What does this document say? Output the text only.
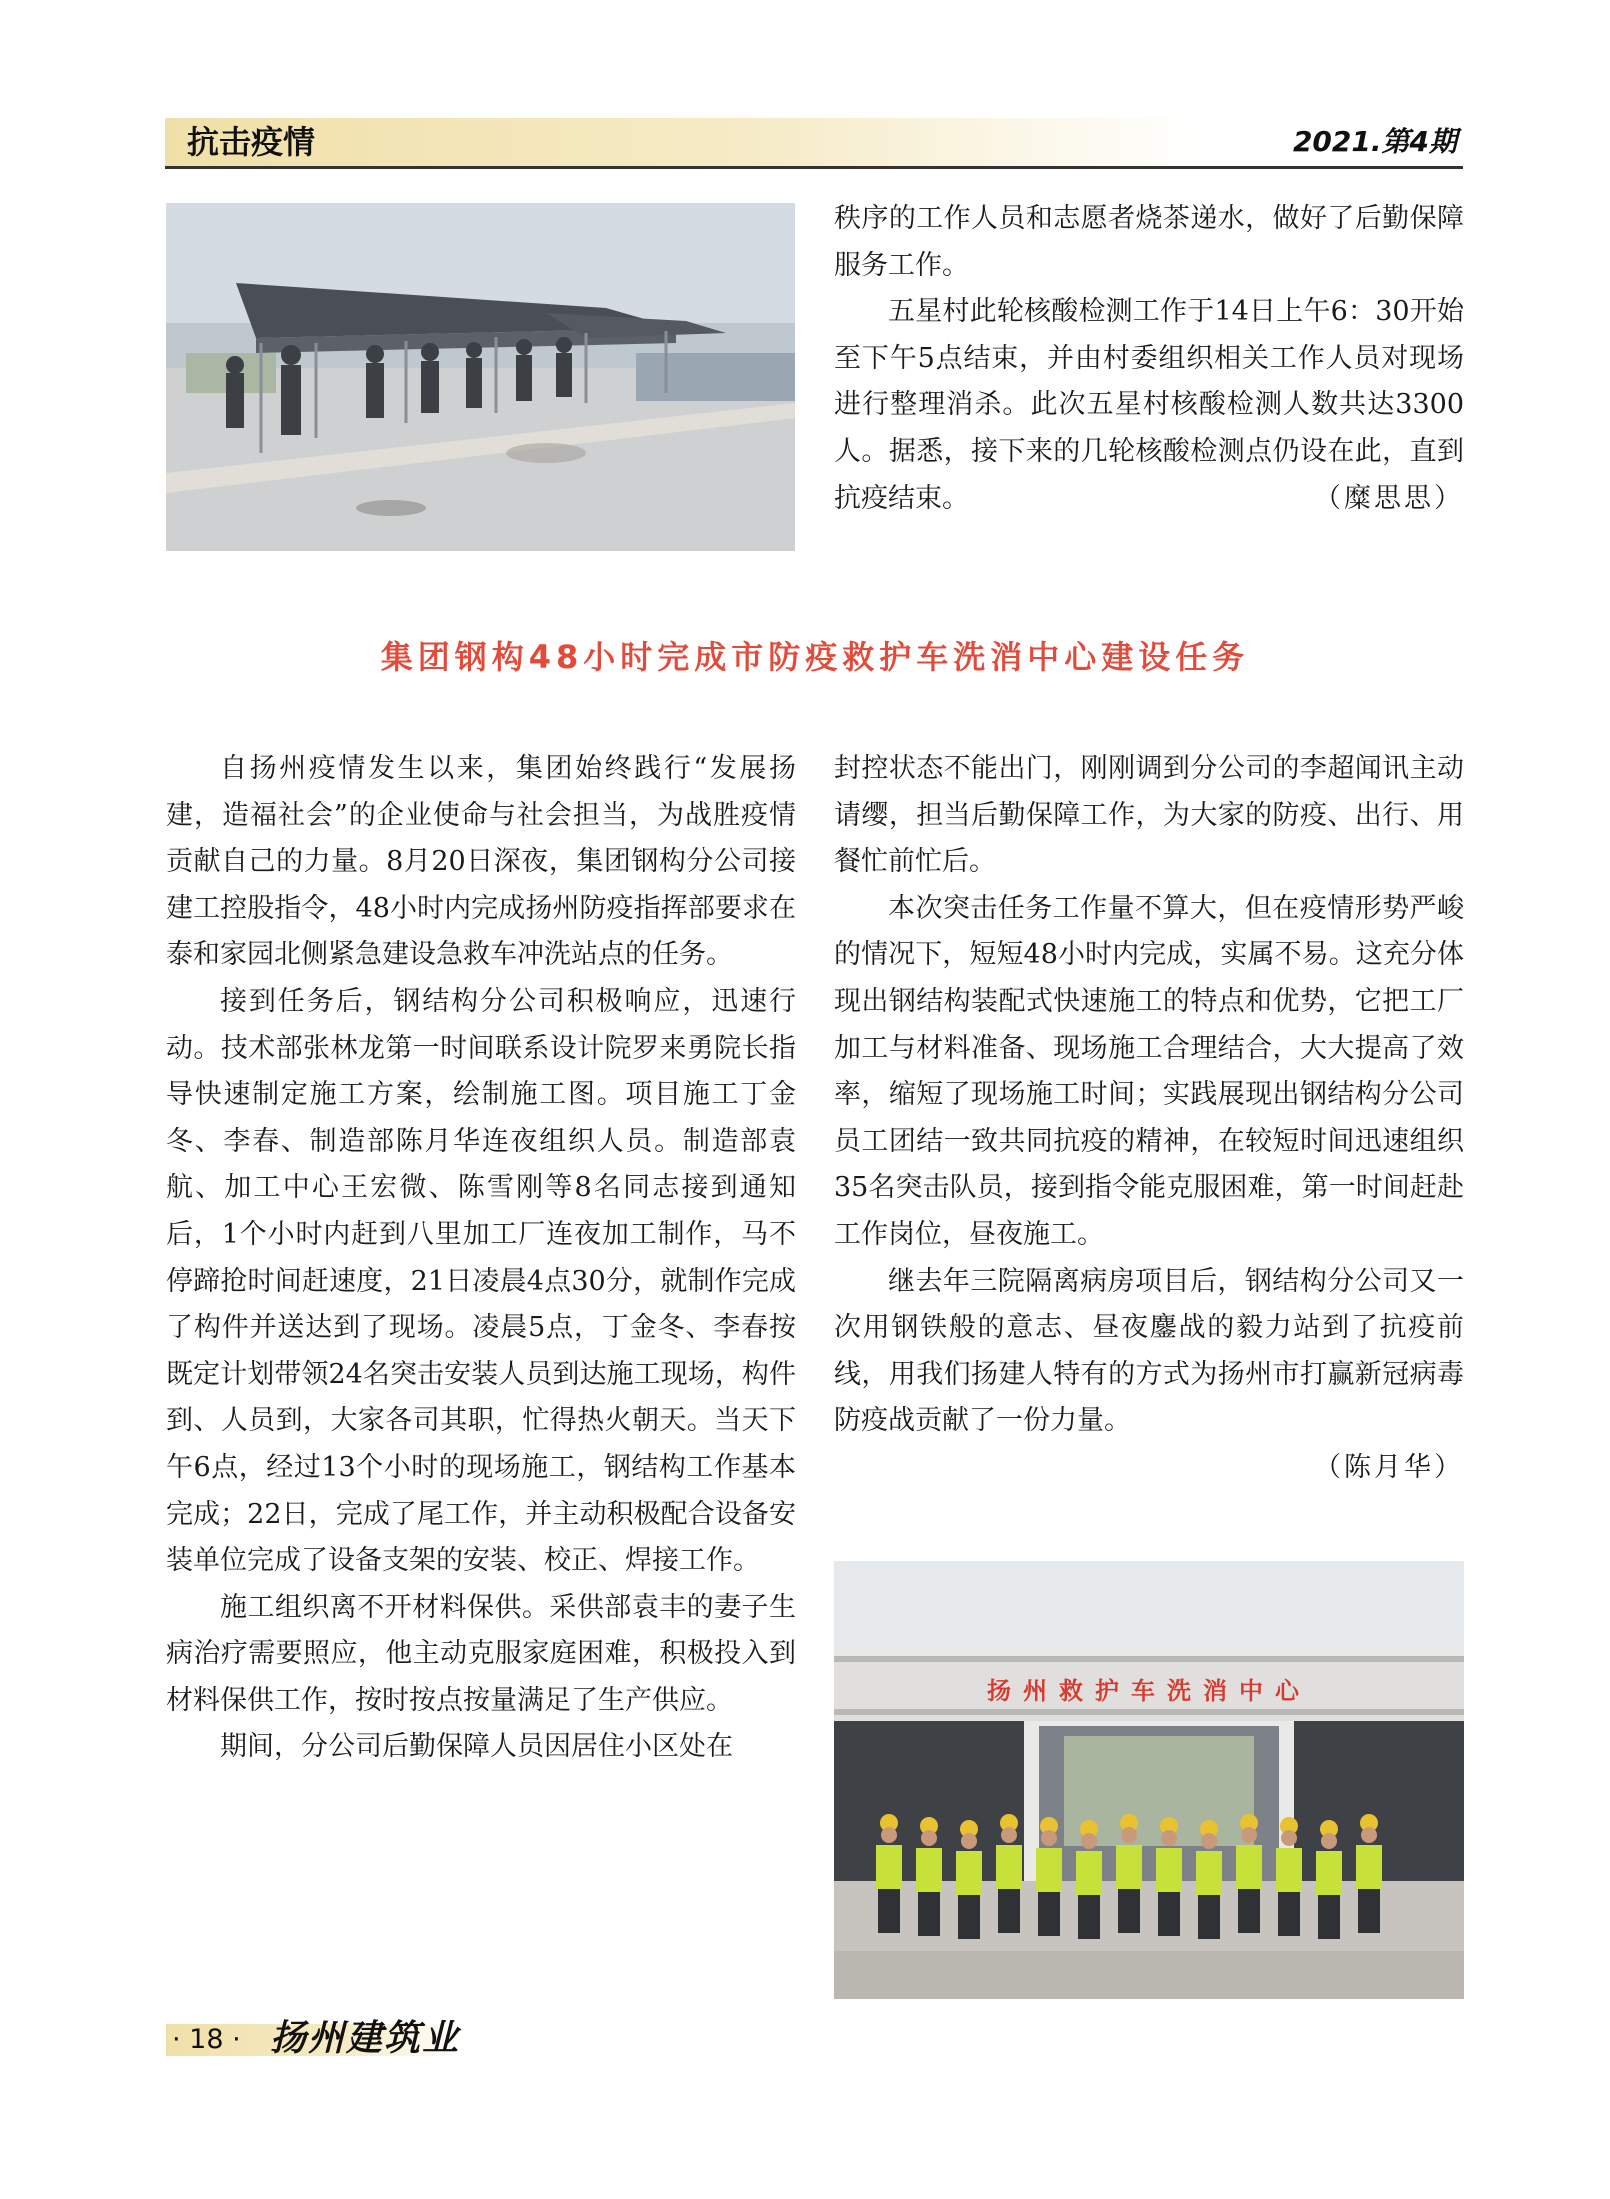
抗击疫情	2021.第4期

秩序的工作人员和志愿者烧茶递水，做好了后勤保障服务工作。

五星村此轮核酸检测工作于14日上午6：30开始至下午5点结束，并由村委组织相关工作人员对现场进行整理消杀。此次五星村核酸检测人数共达3300人。据悉，接下来的几轮核酸检测点仍设在此，直到抗疫结束。	（糜思思）

集团钢构48小时完成市防疫救护车洗消中心建设任务

自扬州疫情发生以来，集团始终践行“发展扬建，造福社会”的企业使命与社会担当，为战胜疫情贡献自己的力量。8月20日深夜，集团钢构分公司接建工控股指令，48小时内完成扬州防疫指挥部要求在泰和家园北侧紧急建设急救车冲洗站点的任务。

接到任务后，钢结构分公司积极响应，迅速行动。技术部张林龙第一时间联系设计院罗来勇院长指导快速制定施工方案，绘制施工图。项目施工丁金冬、李春、制造部陈月华连夜组织人员。制造部袁航、加工中心王宏微、陈雪刚等8名同志接到通知后，1个小时内赶到八里加工厂连夜加工制作，马不停蹄抢时间赶速度，21日凌晨4点30分，就制作完成了构件并送达到了现场。凌晨5点，丁金冬、李春按既定计划带领24名突击安装人员到达施工现场，构件到、人员到，大家各司其职，忙得热火朝天。当天下午6点，经过13个小时的现场施工，钢结构工作基本完成；22日，完成了尾工作，并主动积极配合设备安装单位完成了设备支架的安装、校正、焊接工作。

施工组织离不开材料保供。采供部袁丰的妻子生病治疗需要照应，他主动克服家庭困难，积极投入到材料保供工作，按时按点按量满足了生产供应。

期间，分公司后勤保障人员因居住小区处在

封控状态不能出门，刚刚调到分公司的李超闻讯主动请缨，担当后勤保障工作，为大家的防疫、出行、用餐忙前忙后。

本次突击任务工作量不算大，但在疫情形势严峻的情况下，短短48小时内完成，实属不易。这充分体现出钢结构装配式快速施工的特点和优势，它把工厂加工与材料准备、现场施工合理结合，大大提高了效率，缩短了现场施工时间；实践展现出钢结构分公司员工团结一致共同抗疫的精神，在较短时间迅速组织35名突击队员，接到指令能克服困难，第一时间赶赴工作岗位，昼夜施工。

继去年三院隔离病房项目后，钢结构分公司又一次用钢铁般的意志、昼夜鏖战的毅力站到了抗疫前线，用我们扬建人特有的方式为扬州市打赢新冠病毒防疫战贡献了一份力量。

（陈月华）

扬州救护车洗消中心
· 18 · 扬州建筑业
